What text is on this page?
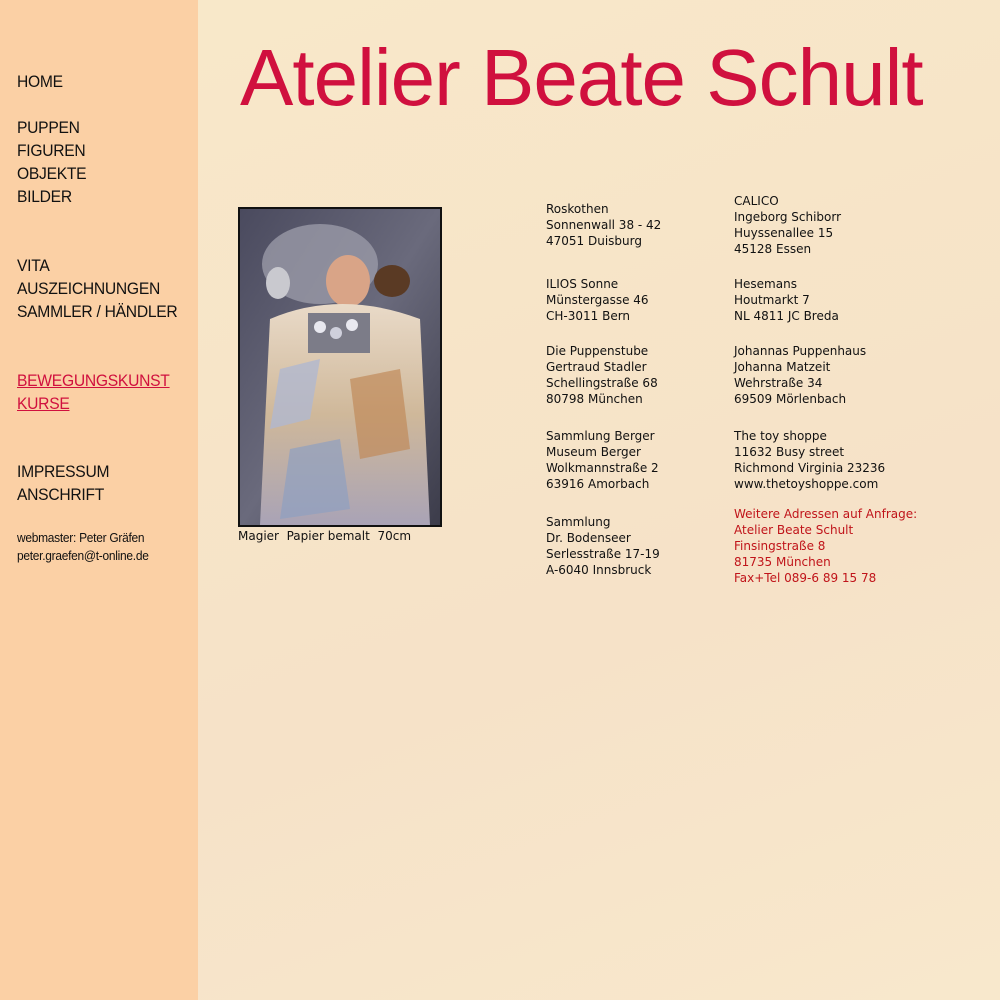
HOME
PUPPEN
FIGUREN
OBJEKTE
BILDER
VITA
AUSZEICHNUNGEN
SAMMLER / HÄNDLER
BEWEGUNGSKUNST
KURSE
IMPRESSUM
ANSCHRIFT
webmaster: Peter Gräfen
peter.graefen@t-online.de
Atelier Beate Schult
Magier  Papier bemalt  70cm
Roskothen
Sonnenwall 38 - 42
47051 Duisburg
ILIOS Sonne
Münstergasse 46
CH-3011 Bern
Die Puppenstube
Gertraud Stadler
Schellingstraße 68
80798 München
Sammlung Berger
Museum Berger
Wolkmannstraße 2
63916 Amorbach
Sammlung
Dr. Bodenseer
Serlesstraße 17-19
A-6040 Innsbruck
CALICO
Ingeborg Schiborr
Huyssenallee 15
45128 Essen
Hesemans
Houtmarkt 7
NL 4811 JC Breda
Johannas Puppenhaus
Johanna Matzeit
Wehrstraße 34
69509 Mörlenbach
The toy shoppe
11632 Busy street
Richmond Virginia 23236
www.thetoyshoppe.com
Weitere Adressen auf Anfrage:
Atelier Beate Schult
Finsingstraße 8
81735 München
Fax+Tel 089-6 89 15 78
